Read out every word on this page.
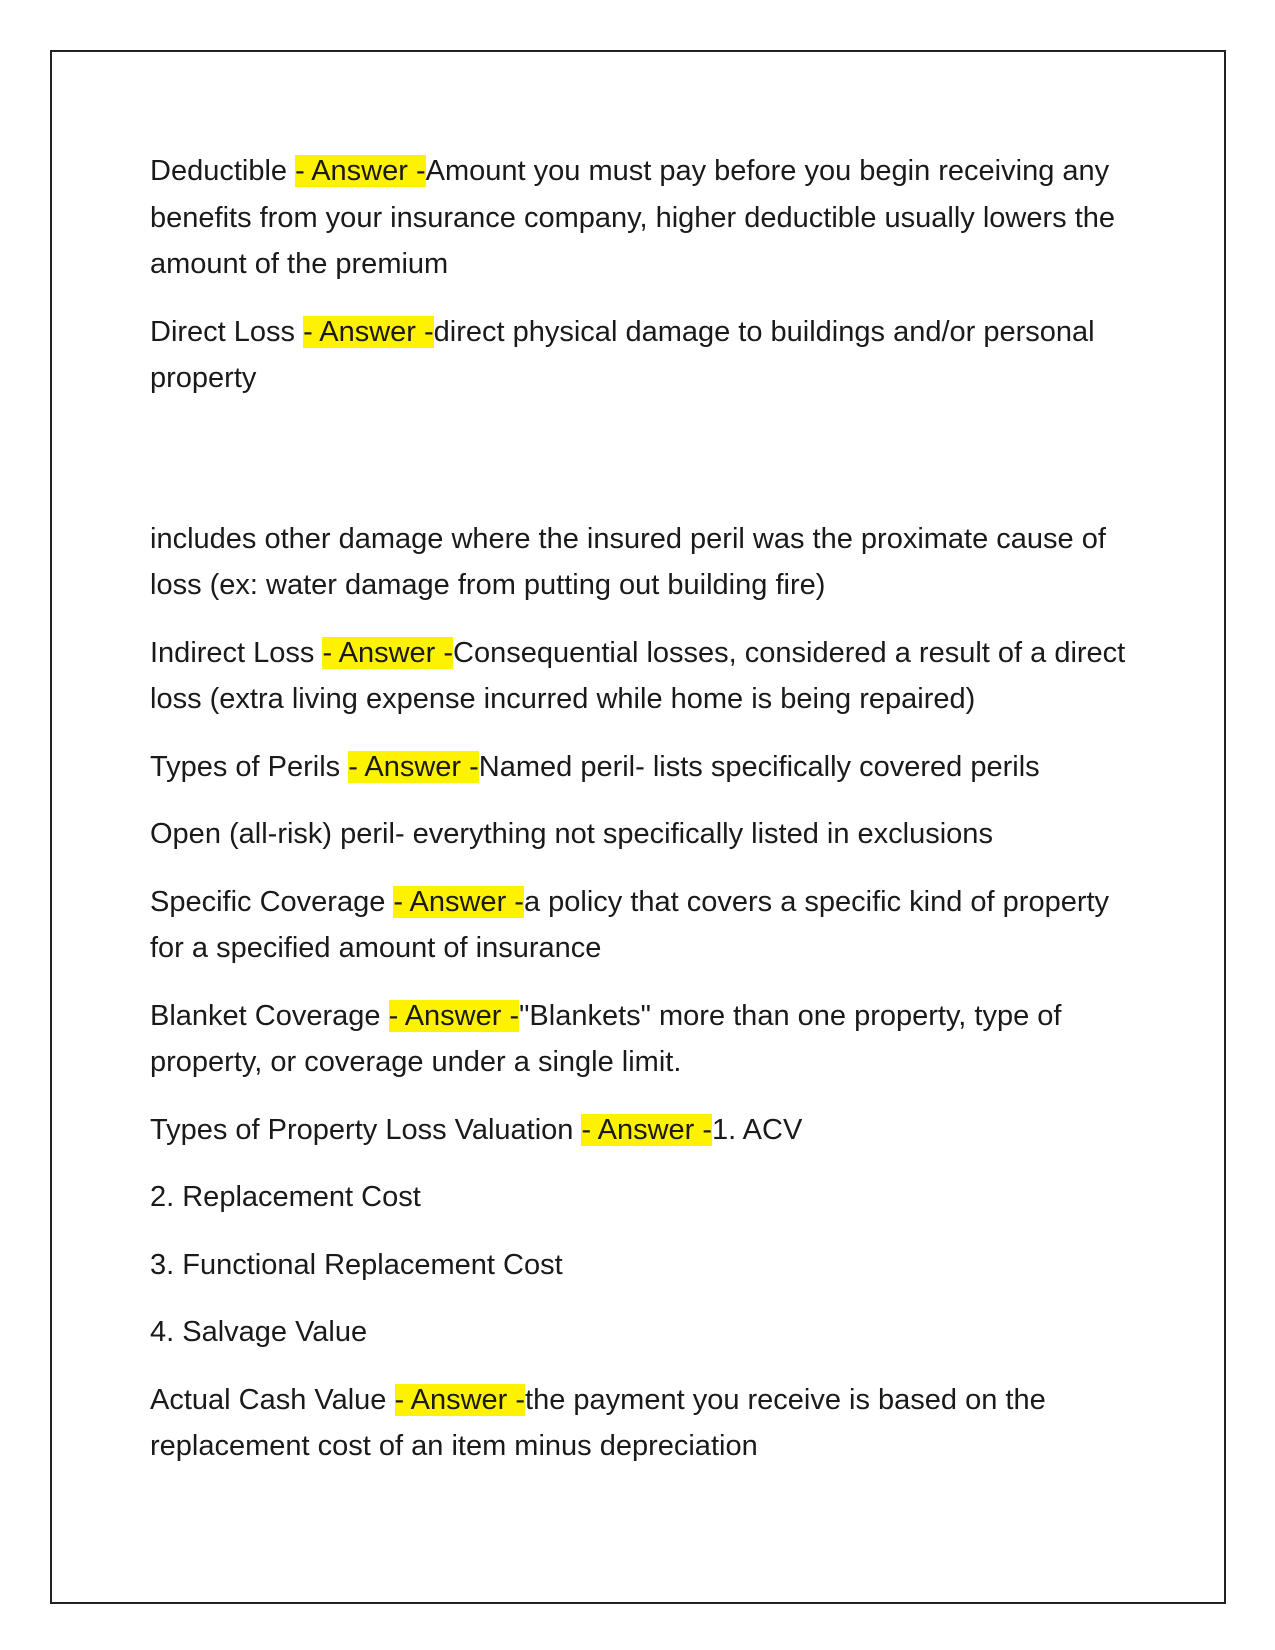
Deductible - Answer -Amount you must pay before you begin receiving any benefits from your insurance company, higher deductible usually lowers the amount of the premium

Direct Loss - Answer -direct physical damage to buildings and/or personal property

includes other damage where the insured peril was the proximate cause of loss (ex: water damage from putting out building fire)

Indirect Loss - Answer -Consequential losses, considered a result of a direct loss (extra living expense incurred while home is being repaired)

Types of Perils - Answer -Named peril- lists specifically covered perils

Open (all-risk) peril- everything not specifically listed in exclusions

Specific Coverage - Answer -a policy that covers a specific kind of property for a specified amount of insurance

Blanket Coverage - Answer -"Blankets" more than one property, type of property, or coverage under a single limit.

Types of Property Loss Valuation - Answer -1. ACV

2. Replacement Cost

3. Functional Replacement Cost

4. Salvage Value

Actual Cash Value - Answer -the payment you receive is based on the replacement cost of an item minus depreciation
